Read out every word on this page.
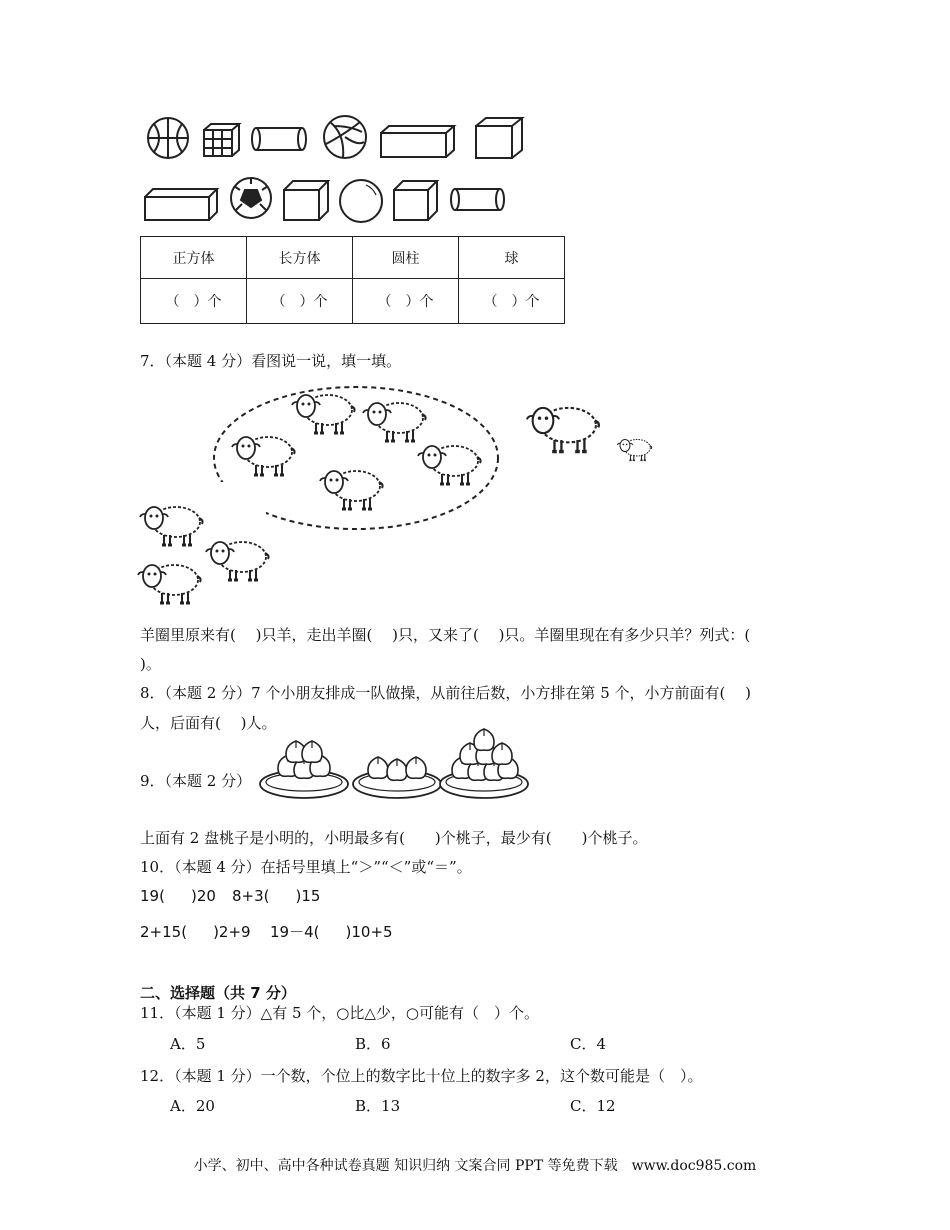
正方体	长方体	圆柱	球
（　）个	（　）个	（　）个	（　）个
7．（本题 4 分）看图说一说，填一填。
羊圈里原来有(　 )只羊，走出羊圈(　 )只，又来了(　 )只。羊圈里现在有多少只羊？列式：(
)。
8．（本题 2 分）7 个小朋友排成一队做操，从前往后数，小方排在第 5 个，小方前面有(　 )
人，后面有(　 )人。
9．（本题 2 分）
上面有 2 盘桃子是小明的，小明最多有(　　)个桃子，最少有(　　)个桃子。
10．（本题 4 分）在括号里填上“＞”“＜”或“＝”。
19( )20 8+3( )15
2+15( )2+9 19－4( )10+5
二、选择题（共 7 分）
11．（本题 1 分）△有 5 个，○比△少，○可能有（　）个。
A．5	B．6	C．4
12．（本题 1 分）一个数，个位上的数字比十位上的数字多 2，这个数可能是（　）。
A．20	B．13	C．12
小学、初中、高中各种试卷真题 知识归纳 文案合同 PPT 等免费下载　www.doc985.com
